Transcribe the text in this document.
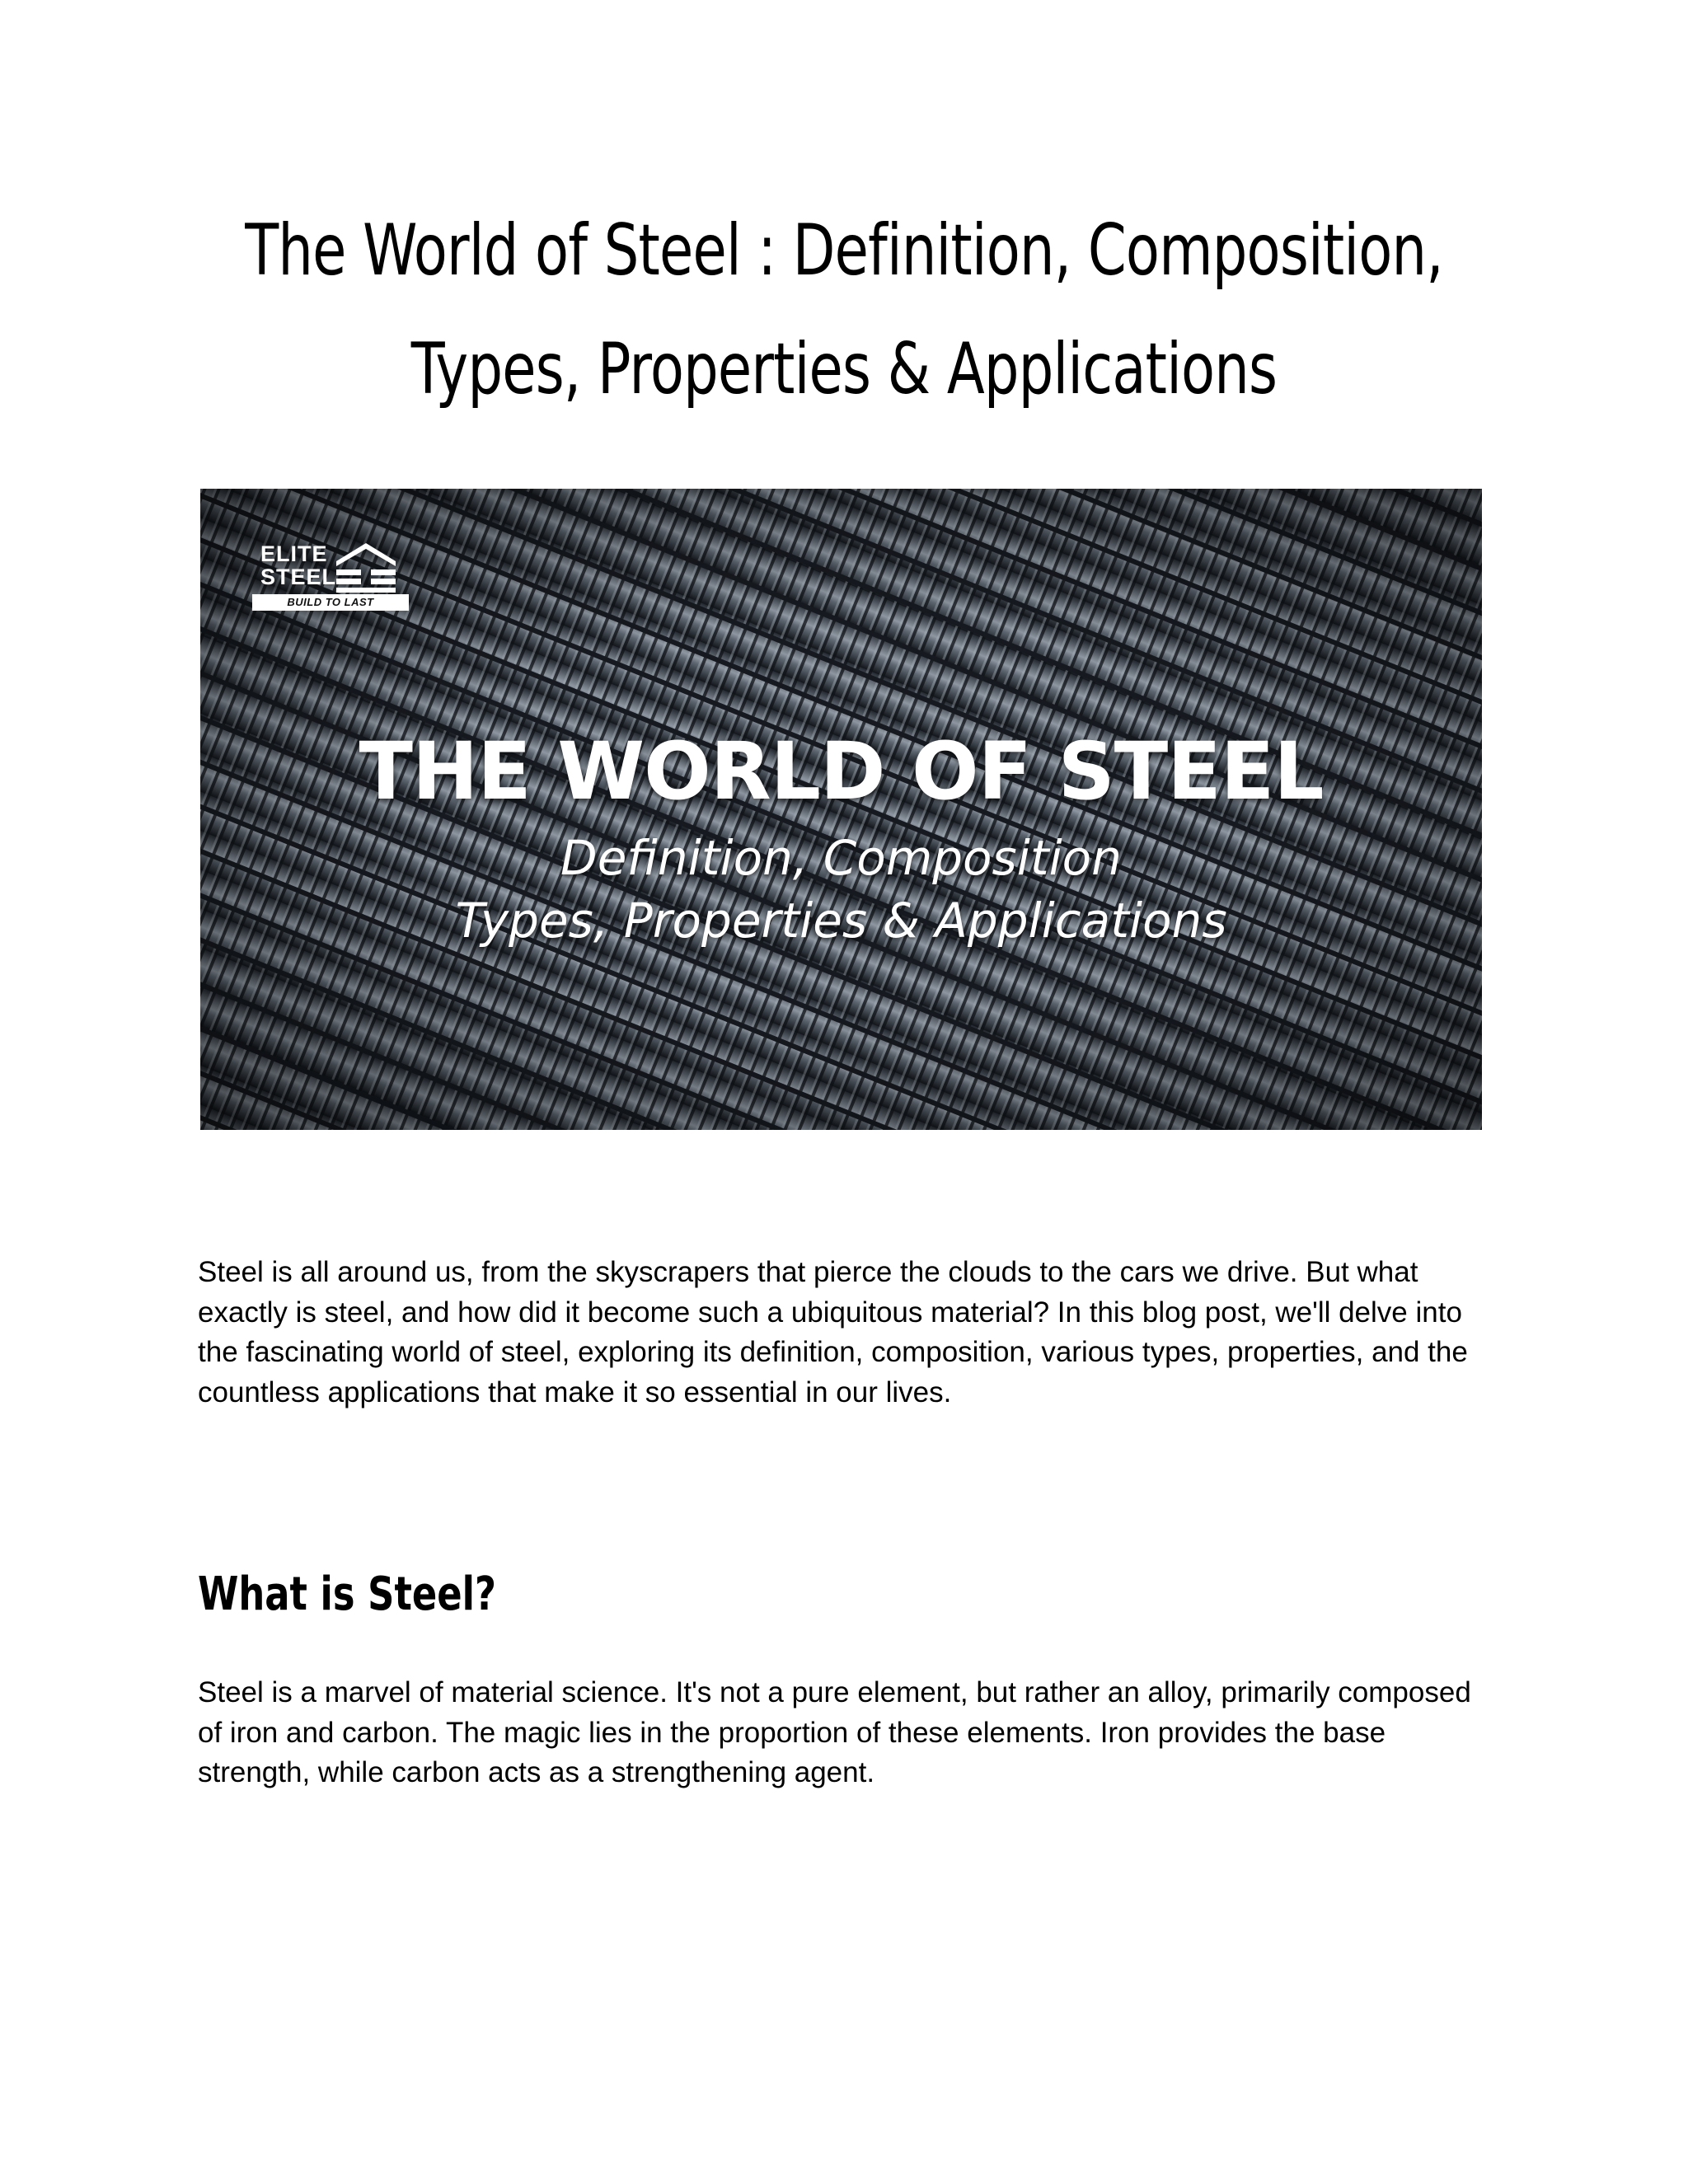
The World of Steel : Definition, Composition,
Types, Properties & Applications
ELITE
STEEL
BUILD TO LAST
THE WORLD OF STEEL
Definition, Composition
Types, Properties & Applications

Steel is all around us, from the skyscrapers that pierce the clouds to the cars we drive. But what exactly is steel, and how did it become such a ubiquitous material? In this blog post, we'll delve into the fascinating world of steel, exploring its definition, composition, various types, properties, and the countless applications that make it so essential in our lives.

What is Steel?

Steel is a marvel of material science. It's not a pure element, but rather an alloy, primarily composed of iron and carbon. The magic lies in the proportion of these elements. Iron provides the base strength, while carbon acts as a strengthening agent.
